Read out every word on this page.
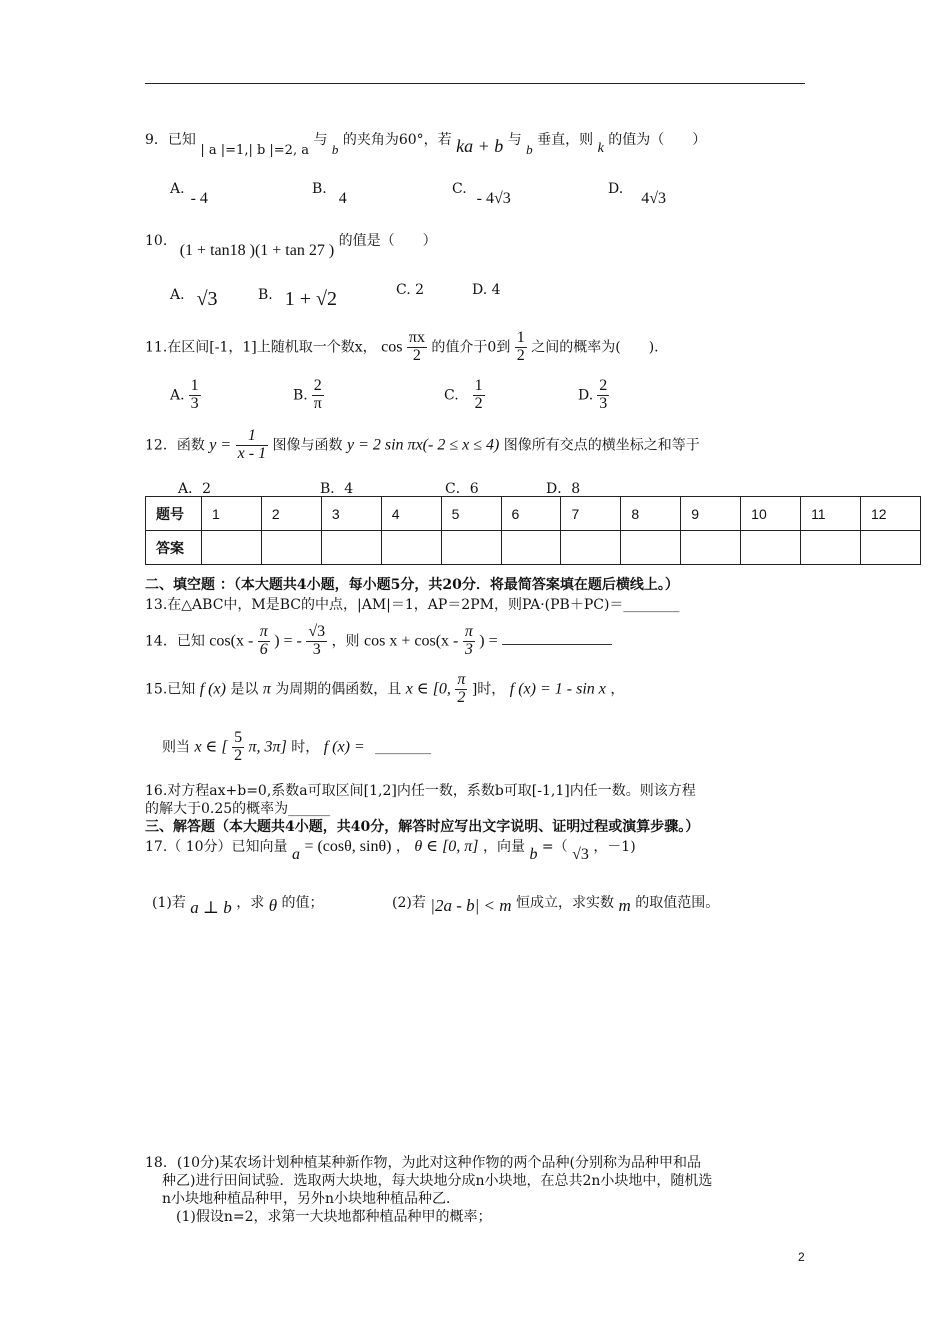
9．已知 | a |=1,| b |=2, a 与 b 的夹角为60°，若 ka + b 与 b 垂直，则 k 的值为（　　）
A.- 4
B.4
C.- 4√3
D.4√3
10. (1 + tan18 )(1 + tan 27 ) 的值是（　　）
A. √3	B. 1 + √2	C. 2	D. 4
11.在区间[-1，1]上随机取一个数x， $\cos \frac{\pi x}{2}$ 的值介于0到 $\frac{1}{2}$ 之间的概率为(　　).
A. $\frac{1}{3}$	B. $\frac{2}{\pi}$	C. $\frac{1}{2}$	D. $\frac{2}{3}$
12．函数 $y = \frac{1}{x - 1}$ 图像与函数 y = 2 sin πx(- 2 ≤ x ≤ 4) 图像所有交点的横坐标之和等于
A．2	B．4	C．6	D．8
题号	1	2	3	4	5	6	7	8	9	10	11	12
答案												
二、填空题 ：（本大题共4小题，每小题5分，共20分．将最简答案填在题后横线上。）
13.在△ABC中，M是BC的中点，|AM|＝1，AP＝2PM，则PA·(PB＋PC)＝________
14．已知 $\cos(x - \frac{\pi}{6}$ ) = - $\frac{√3}{3}$ ，则 $\cos x + \cos(x - \frac{\pi}{3}$ ) =
15.已知 f (x) 是以 π 为周期的偶函数，且 x ∈ [0, $\frac{\pi}{2}$ ]时， f (x) = 1 - sin x ，
则当 x ∈ [ $\frac{5}{2} \pi$, 3π] 时， f (x) = ________
16.对方程ax+b=0,系数a可取区间[1,2]内任一数，系数b可取[-1,1]内任一数。则该方程
的解大于0.25的概率为______
三、解答题（本大题共4小题，共40分，解答时应写出文字说明、证明过程或演算步骤。）
17.（ 10分）已知向量 a = (cosθ, sinθ) ， θ ∈ [0, π] ，向量 b =（ √3 ，－1)
(1)若 a ⊥ b ，求 θ 的值；	(2)若 |2a - b| < m 恒成立，求实数 m 的取值范围。
18．(10分)某农场计划种植某种新作物，为此对这种作物的两个品种(分别称为品种甲和品
种乙)进行田间试验．选取两大块地，每大块地分成n小块地，在总共2n小块地中，随机选
n小块地种植品种甲，另外n小块地种植品种乙．
(1)假设n=2，求第一大块地都种植品种甲的概率；
2
